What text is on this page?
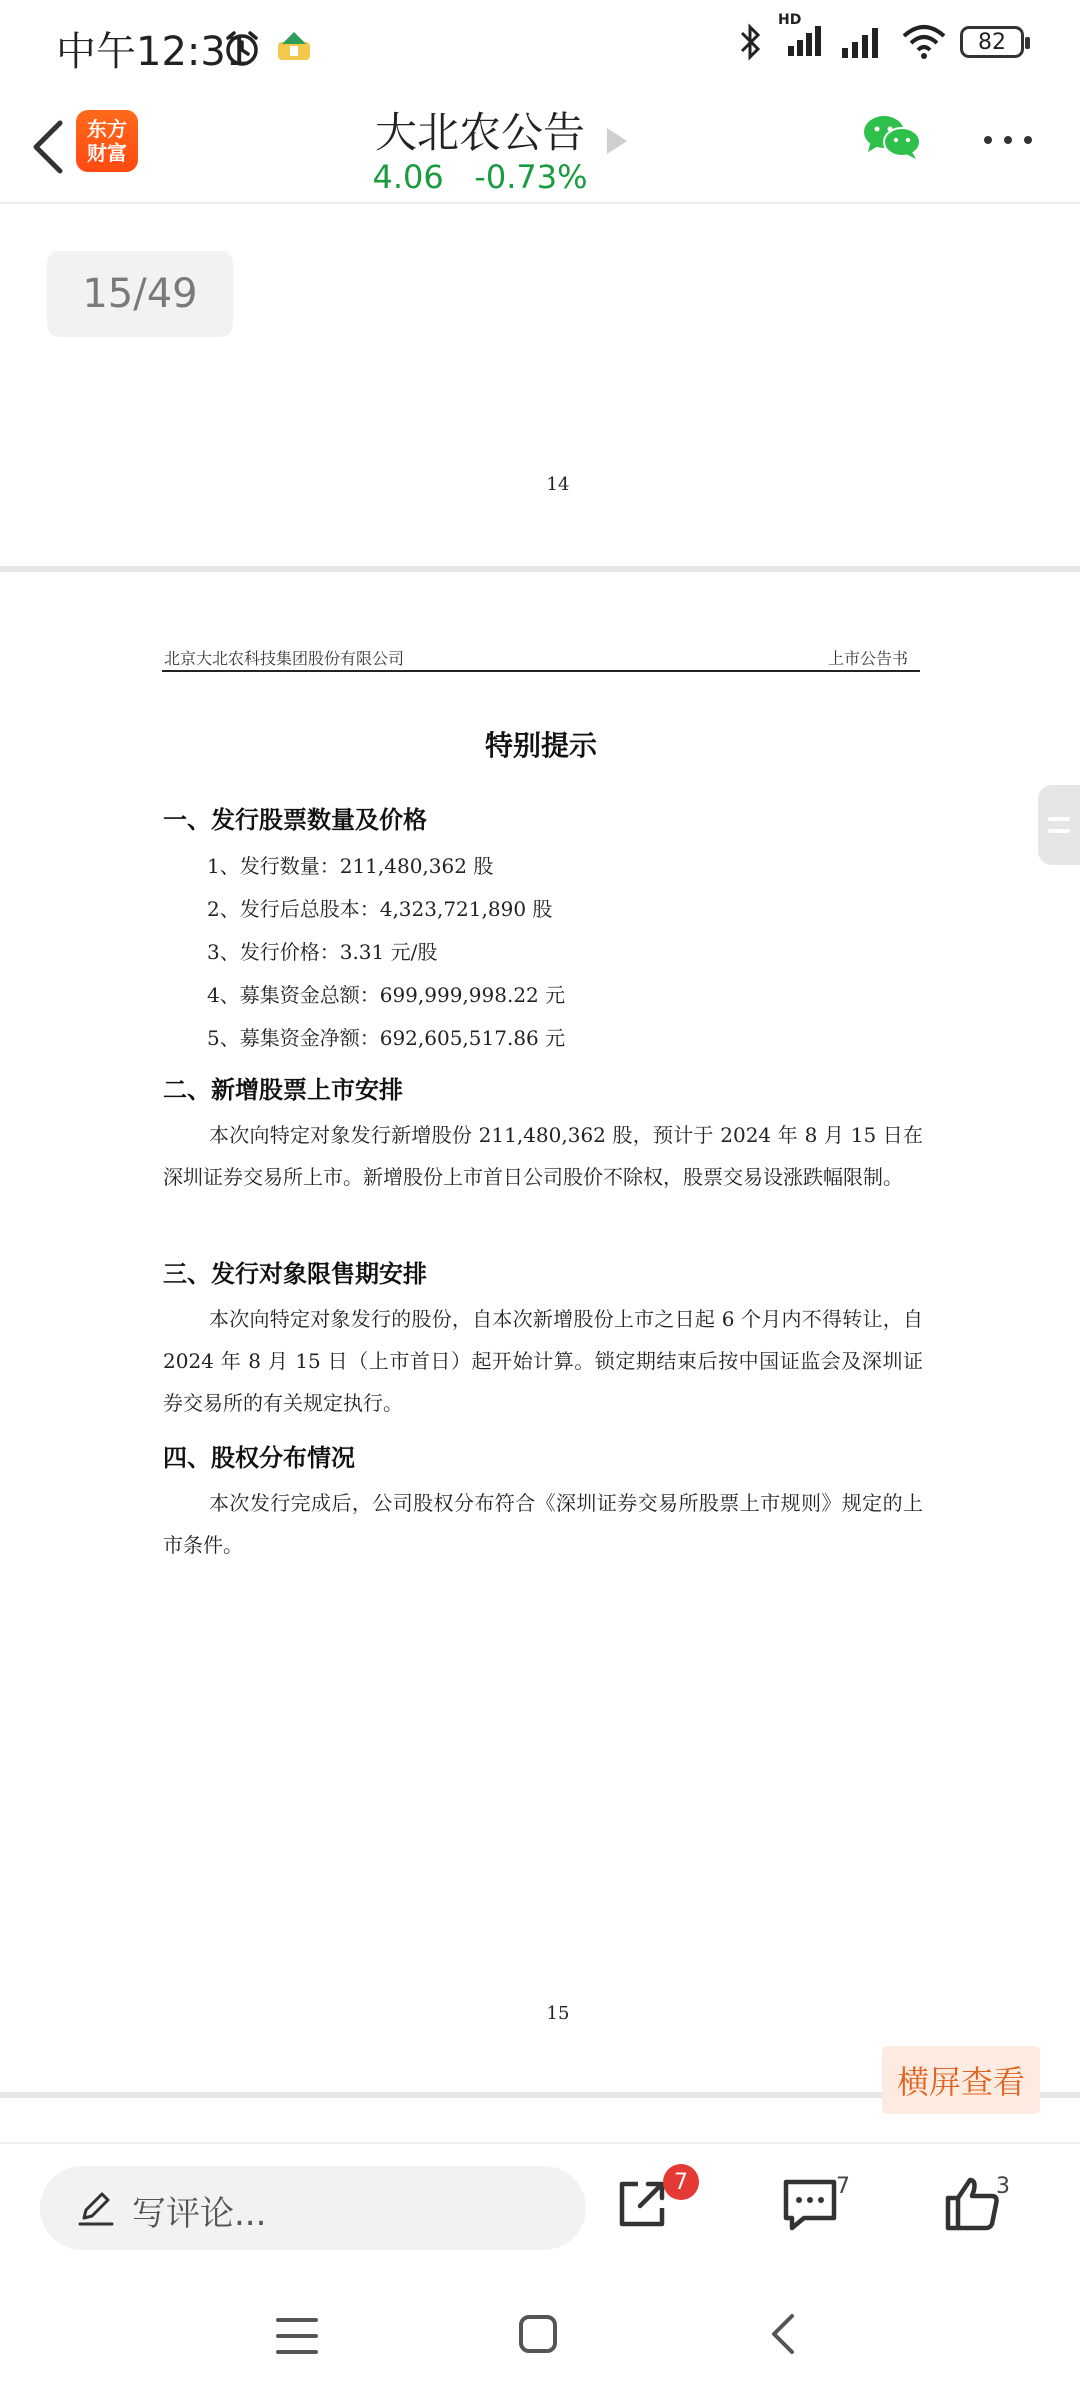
中午12:31
HD
82
东方
财富	大北农公告
4.06 -0.73%
15/49
14
北京大北农科技集团股份有限公司	上市公告书
特别提示
一、发行股票数量及价格
1、发行数量：211,480,362 股
2、发行后总股本：4,323,721,890 股
3、发行价格：3.31 元/股
4、募集资金总额：699,999,998.22 元
5、募集资金净额：692,605,517.86 元
二、新增股票上市安排
本次向特定对象发行新增股份 211,480,362 股，预计于 2024 年 8 月 15 日在深圳证券交易所上市。新增股份上市首日公司股价不除权，股票交易设涨跌幅限制。
三、发行对象限售期安排
本次向特定对象发行的股份，自本次新增股份上市之日起 6 个月内不得转让，自 2024 年 8 月 15 日（上市首日）起开始计算。锁定期结束后按中国证监会及深圳证券交易所的有关规定执行。
四、股权分布情况
本次发行完成后，公司股权分布符合《深圳证券交易所股票上市规则》规定的上市条件。
15
横屏查看
写评论...
7	7	3
